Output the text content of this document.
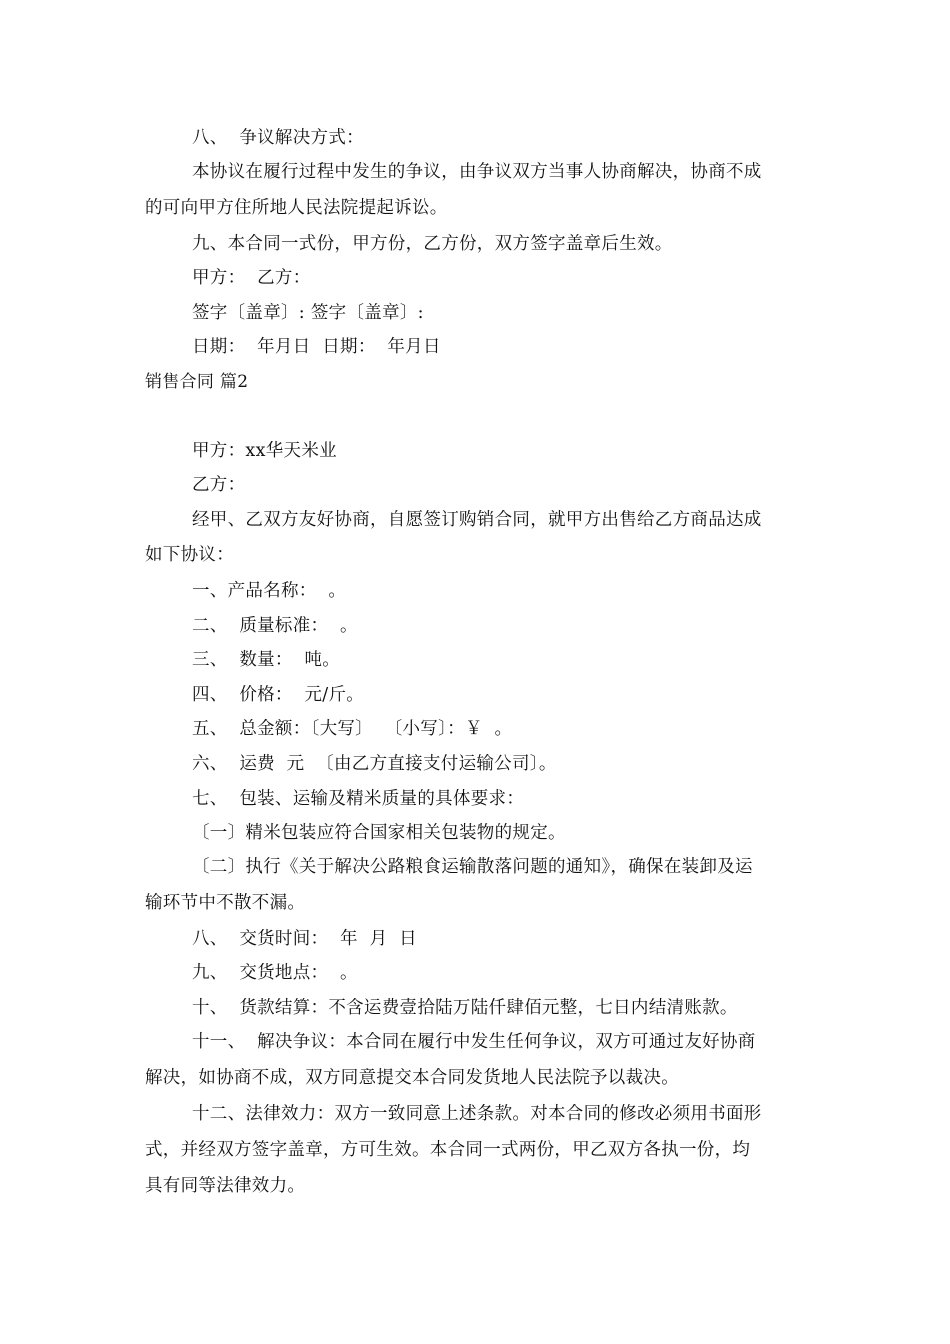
八、  争议解决方式：
本协议在履行过程中发生的争议，由争议双方当事人协商解决，协商不成
的可向甲方住所地人民法院提起诉讼。
九、本合同一式份，甲方份，乙方份，双方签字盖章后生效。
甲方：  乙方：
签字〔盖章〕: 签字〔盖章〕:
日期：  年月日  日期：  年月日
销售合同 篇2
甲方：xx华天米业
乙方：
经甲、乙双方友好协商，自愿签订购销合同，就甲方出售给乙方商品达成
如下协议：
一、产品名称：  。
二、  质量标准：  。
三、  数量：  吨。
四、  价格：  元/斤。
五、  总金额：〔大写〕  〔小写〕：￥  。
六、  运费  元  〔由乙方直接支付运输公司〕。
七、  包装、运输及精米质量的具体要求：
〔一〕精米包装应符合国家相关包装物的规定。
〔二〕执行《关于解决公路粮食运输散落问题的通知》，确保在装卸及运
输环节中不散不漏。
八、  交货时间：  年  月  日
九、  交货地点：  。
十、  货款结算：不含运费壹拾陆万陆仟肆佰元整，七日内结清账款。
十一、  解决争议：本合同在履行中发生任何争议，双方可通过友好协商
解决，如协商不成，双方同意提交本合同发货地人民法院予以裁决。
十二、法律效力：双方一致同意上述条款。对本合同的修改必须用书面形
式，并经双方签字盖章，方可生效。本合同一式两份，甲乙双方各执一份，均
具有同等法律效力。
